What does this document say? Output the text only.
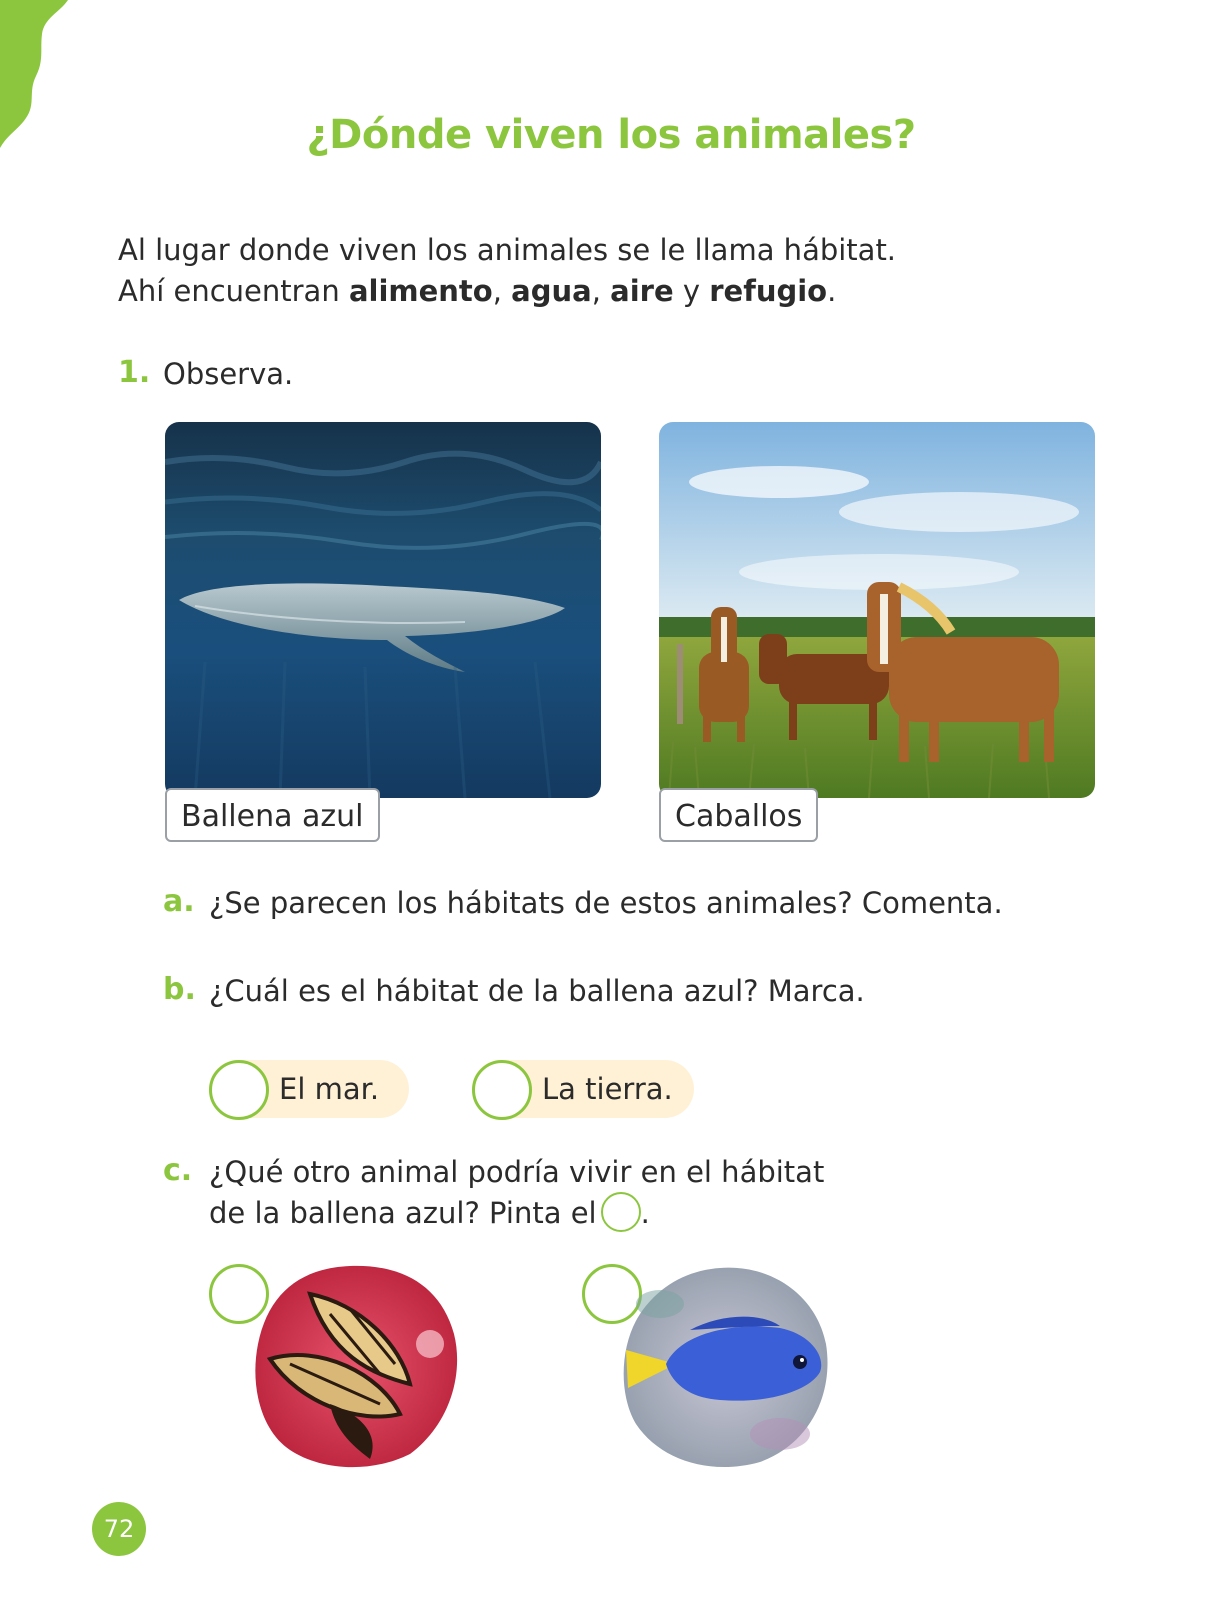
¿Dónde viven los animales?
Al lugar donde viven los animales se le llama hábitat.
Ahí encuentran alimento, agua, aire y refugio.
1. Observa.
Ballena azul	Caballos
a. ¿Se parecen los hábitats de estos animales? Comenta.
b. ¿Cuál es el hábitat de la ballena azul? Marca.
El mar.	La tierra.
c. ¿Qué otro animal podría vivir en el hábitat
de la ballena azul? Pinta el .
72
